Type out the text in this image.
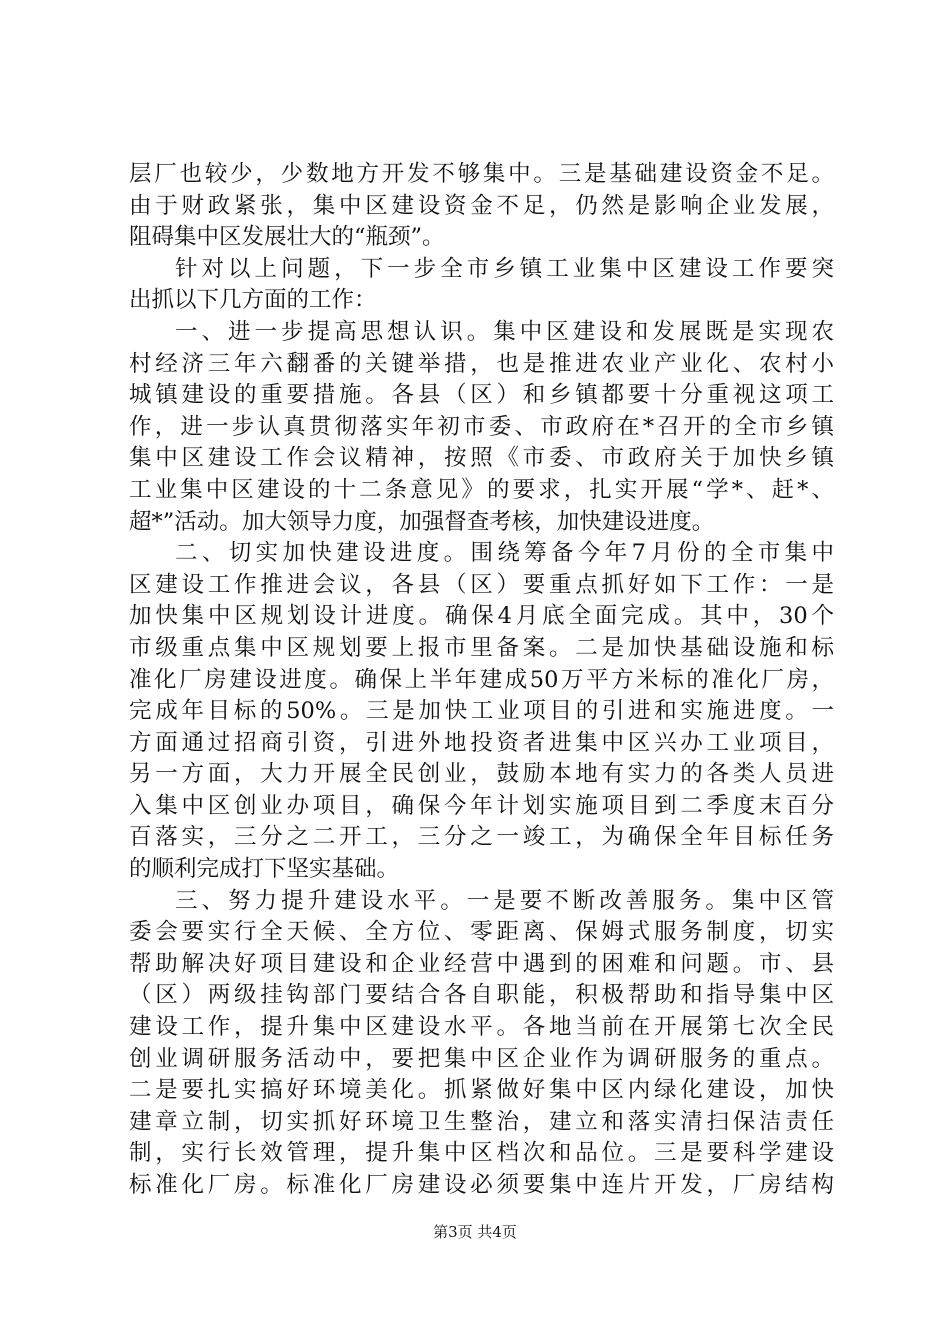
层厂也较少，少数地方开发不够集中。三是基础建设资金不足。
由于财政紧张，集中区建设资金不足，仍然是影响企业发展，
阻碍集中区发展壮大的“瓶颈”。
针对以上问题，下一步全市乡镇工业集中区建设工作要突
出抓以下几方面的工作：
一、进一步提高思想认识。集中区建设和发展既是实现农
村经济三年六翻番的关键举措，也是推进农业产业化、农村小
城镇建设的重要措施。各县（区）和乡镇都要十分重视这项工
作，进一步认真贯彻落实年初市委、市政府在*召开的全市乡镇
集中区建设工作会议精神，按照《市委、市政府关于加快乡镇
工业集中区建设的十二条意见》的要求，扎实开展“学*、赶*、
超*”活动。加大领导力度，加强督查考核，加快建设进度。
二、切实加快建设进度。围绕筹备今年7月份的全市集中
区建设工作推进会议，各县（区）要重点抓好如下工作：一是
加快集中区规划设计进度。确保4月底全面完成。其中，30个
市级重点集中区规划要上报市里备案。二是加快基础设施和标
准化厂房建设进度。确保上半年建成50万平方米标的准化厂房，
完成年目标的50%。三是加快工业项目的引进和实施进度。一
方面通过招商引资，引进外地投资者进集中区兴办工业项目，
另一方面，大力开展全民创业，鼓励本地有实力的各类人员进
入集中区创业办项目，确保今年计划实施项目到二季度末百分
百落实，三分之二开工，三分之一竣工，为确保全年目标任务
的顺利完成打下坚实基础。
三、努力提升建设水平。一是要不断改善服务。集中区管
委会要实行全天候、全方位、零距离、保姆式服务制度，切实
帮助解决好项目建设和企业经营中遇到的困难和问题。市、县
（区）两级挂钩部门要结合各自职能，积极帮助和指导集中区
建设工作，提升集中区建设水平。各地当前在开展第七次全民
创业调研服务活动中，要把集中区企业作为调研服务的重点。
二是要扎实搞好环境美化。抓紧做好集中区内绿化建设，加快
建章立制，切实抓好环境卫生整治，建立和落实清扫保洁责任
制，实行长效管理，提升集中区档次和品位。三是要科学建设
标准化厂房。标准化厂房建设必须要集中连片开发，厂房结构
第3页 共4页
